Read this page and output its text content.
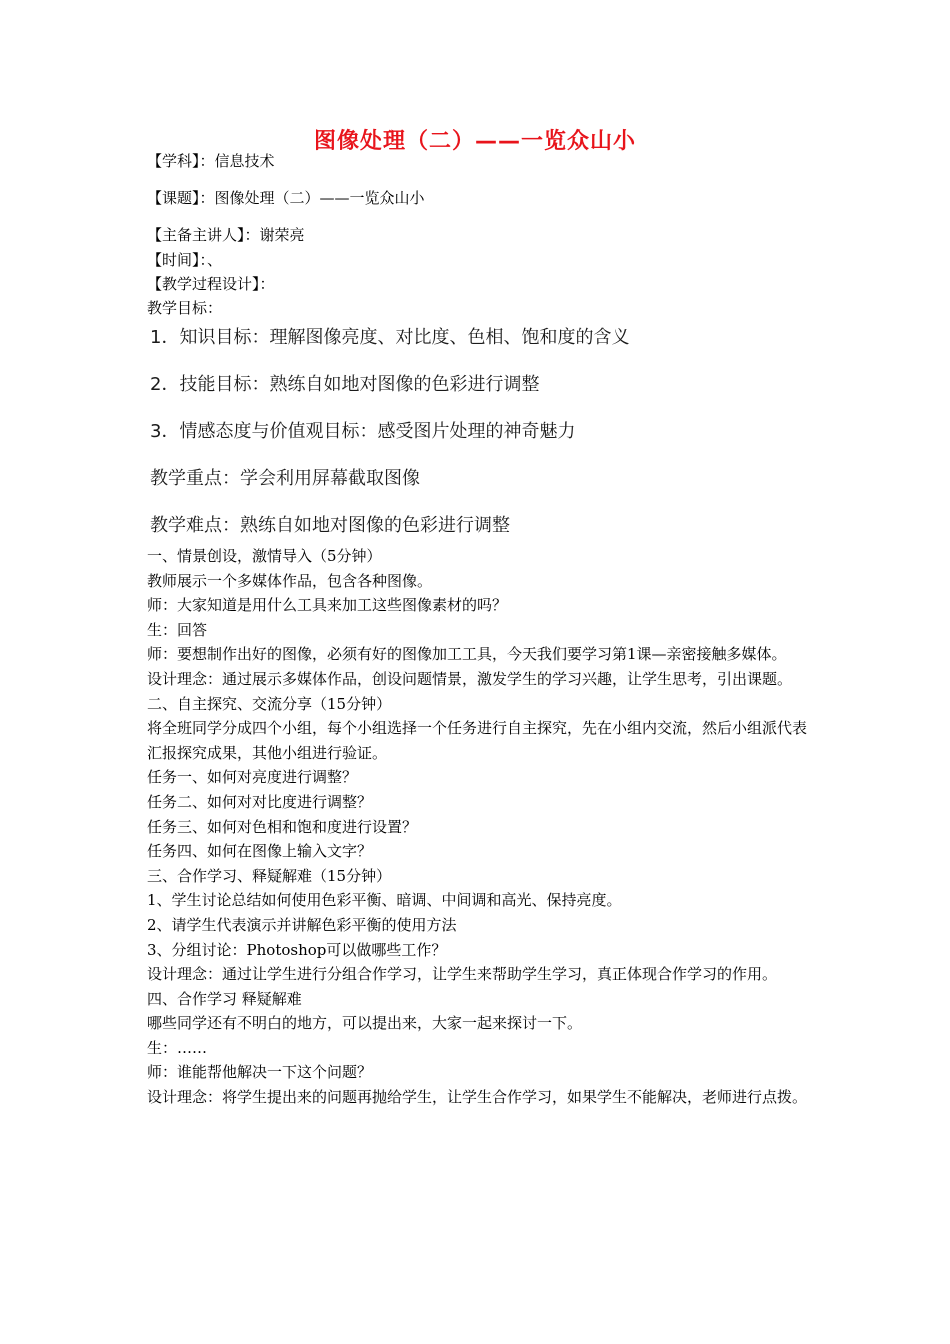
图像处理（二）——一览众山小
【学科】：信息技术
【课题】：图像处理（二）——一览众山小
【主备主讲人】：谢荣亮
【时间】：、
【教学过程设计】：
教学目标：
1．知识目标：理解图像亮度、对比度、色相、饱和度的含义
2．技能目标：熟练自如地对图像的色彩进行调整
3．情感态度与价值观目标：感受图片处理的神奇魅力
教学重点：学会利用屏幕截取图像
教学难点：熟练自如地对图像的色彩进行调整

一、情景创设，激情导入（5分钟）

教师展示一个多媒体作品，包含各种图像。

师：大家知道是用什么工具来加工这些图像素材的吗？

生：回答

师：要想制作出好的图像，必须有好的图像加工工具，今天我们要学习第1课—亲密接触多媒体。

设计理念：通过展示多媒体作品，创设问题情景，激发学生的学习兴趣，让学生思考，引出课题。

二、自主探究、交流分享（15分钟）

将全班同学分成四个小组，每个小组选择一个任务进行自主探究，先在小组内交流，然后小组派代表汇报探究成果，其他小组进行验证。

任务一、如何对亮度进行调整？

任务二、如何对对比度进行调整？

任务三、如何对色相和饱和度进行设置？

任务四、如何在图像上输入文字？

三、合作学习、释疑解难（15分钟）

1、学生讨论总结如何使用色彩平衡、暗调、中间调和高光、保持亮度。

2、请学生代表演示并讲解色彩平衡的使用方法

3、分组讨论：Photoshop可以做哪些工作？

设计理念：通过让学生进行分组合作学习，让学生来帮助学生学习，真正体现合作学习的作用。

四、合作学习 释疑解难

哪些同学还有不明白的地方，可以提出来，大家一起来探讨一下。

生：……

师：谁能帮他解决一下这个问题？

设计理念：将学生提出来的问题再抛给学生，让学生合作学习，如果学生不能解决，老师进行点拨。
